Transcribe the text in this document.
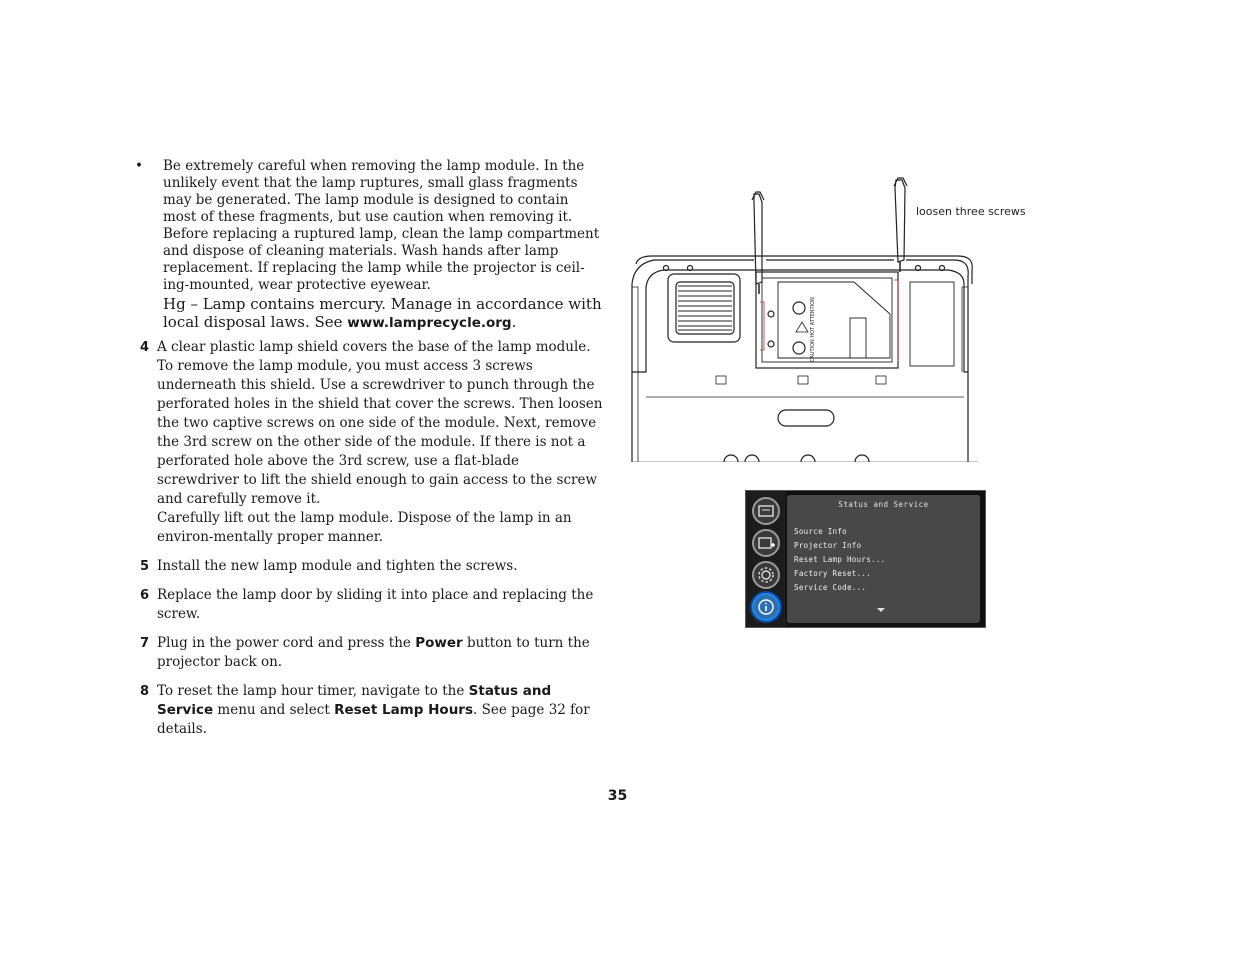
• Be extremely careful when removing the lamp module. In the unlikely event that the lamp ruptures, small glass fragments may be generated. The lamp module is designed to contain most of these fragments, but use caution when removing it. Before replacing a ruptured lamp, clean the lamp compartment and dispose of cleaning materials. Wash hands after lamp replacement. If replacing the lamp while the projector is ceil-ing-mounted, wear protective eyewear.
Hg – Lamp contains mercury. Manage in accordance with local disposal laws. See www.lamprecycle.org.
4 A clear plastic lamp shield covers the base of the lamp module. To remove the lamp module, you must access 3 screws underneath this shield. Use a screwdriver to punch through the perforated holes in the shield that cover the screws. Then loosen the two captive screws on one side of the module. Next, remove the 3rd screw on the other side of the module. If there is not a perforated hole above the 3rd screw, use a flat-blade screwdriver to lift the shield enough to gain access to the screw and carefully remove it.

Carefully lift out the lamp module. Dispose of the lamp in an environ-mentally proper manner.

5 Install the new lamp module and tighten the screws.

6 Replace the lamp door by sliding it into place and replacing the screw.

7 Plug in the power cord and press the Power button to turn the projector back on.

8 To reset the lamp hour timer, navigate to the Status and Service menu and select Reset Lamp Hours. See page 32 for details.

CAUTION HOT ATTENTION
loosen three screws
Status and Service
Source Info
Projector Info
Reset Lamp Hours...
Factory Reset...
Service Code...
35
